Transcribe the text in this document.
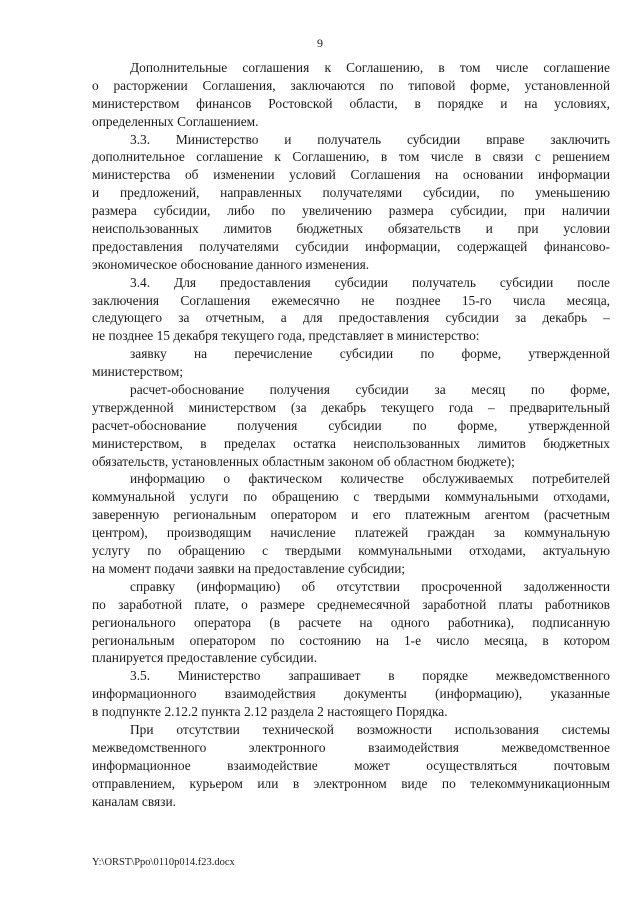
9
Дополнительные соглашения к Соглашению, в том числе соглашение
о расторжении Соглашения, заключаются по типовой форме, установленной
министерством финансов Ростовской области, в порядке и на условиях,
определенных Соглашением.
3.3. Министерство и получатель субсидии вправе заключить
дополнительное соглашение к Соглашению, в том числе в связи с решением
министерства об изменении условий Соглашения на основании информации
и предложений, направленных получателями субсидии, по уменьшению
размера субсидии, либо по увеличению размера субсидии, при наличии
неиспользованных лимитов бюджетных обязательств и при условии
предоставления получателями субсидии информации, содержащей финансово-
экономическое обоснование данного изменения.
3.4. Для предоставления субсидии получатель субсидии после
заключения Соглашения ежемесячно не позднее 15-го числа месяца,
следующего за отчетным, а для предоставления субсидии за декабрь –
не позднее 15 декабря текущего года, представляет в министерство:
заявку на перечисление субсидии по форме, утвержденной
министерством;
расчет-обоснование получения субсидии за месяц по форме,
утвержденной министерством (за декабрь текущего года – предварительный
расчет-обоснование получения субсидии по форме, утвержденной
министерством, в пределах остатка неиспользованных лимитов бюджетных
обязательств, установленных областным законом об областном бюджете);
информацию о фактическом количестве обслуживаемых потребителей
коммунальной услуги по обращению с твердыми коммунальными отходами,
заверенную региональным оператором и его платежным агентом (расчетным
центром), производящим начисление платежей граждан за коммунальную
услугу по обращению с твердыми коммунальными отходами, актуальную
на момент подачи заявки на предоставление субсидии;
справку (информацию) об отсутствии просроченной задолженности
по заработной плате, о размере среднемесячной заработной платы работников
регионального оператора (в расчете на одного работника), подписанную
региональным оператором по состоянию на 1-е число месяца, в котором
планируется предоставление субсидии.
3.5. Министерство запрашивает в порядке межведомственного
информационного взаимодействия документы (информацию), указанные
в подпункте 2.12.2 пункта 2.12 раздела 2 настоящего Порядка.
При отсутствии технической возможности использования системы
межведомственного электронного взаимодействия межведомственное
информационное взаимодействие может осуществляться почтовым
отправлением, курьером или в электронном виде по телекоммуникационным
каналам связи.
Y:\ORST\Ppo\0110p014.f23.docx
